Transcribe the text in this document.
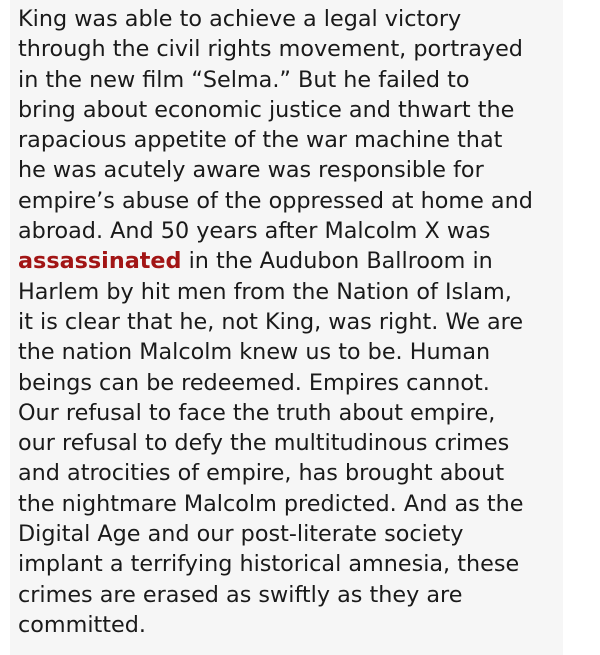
King was able to achieve a legal victory
through the civil rights movement, portrayed
in the new film “Selma.” But he failed to
bring about economic justice and thwart the
rapacious appetite of the war machine that
he was acutely aware was responsible for
empire’s abuse of the oppressed at home and
abroad. And 50 years after Malcolm X was
assassinated in the Audubon Ballroom in
Harlem by hit men from the Nation of Islam,
it is clear that he, not King, was right. We are
the nation Malcolm knew us to be. Human
beings can be redeemed. Empires cannot.
Our refusal to face the truth about empire,
our refusal to defy the multitudinous crimes
and atrocities of empire, has brought about
the nightmare Malcolm predicted. And as the
Digital Age and our post-literate society
implant a terrifying historical amnesia, these
crimes are erased as swiftly as they are
committed.
